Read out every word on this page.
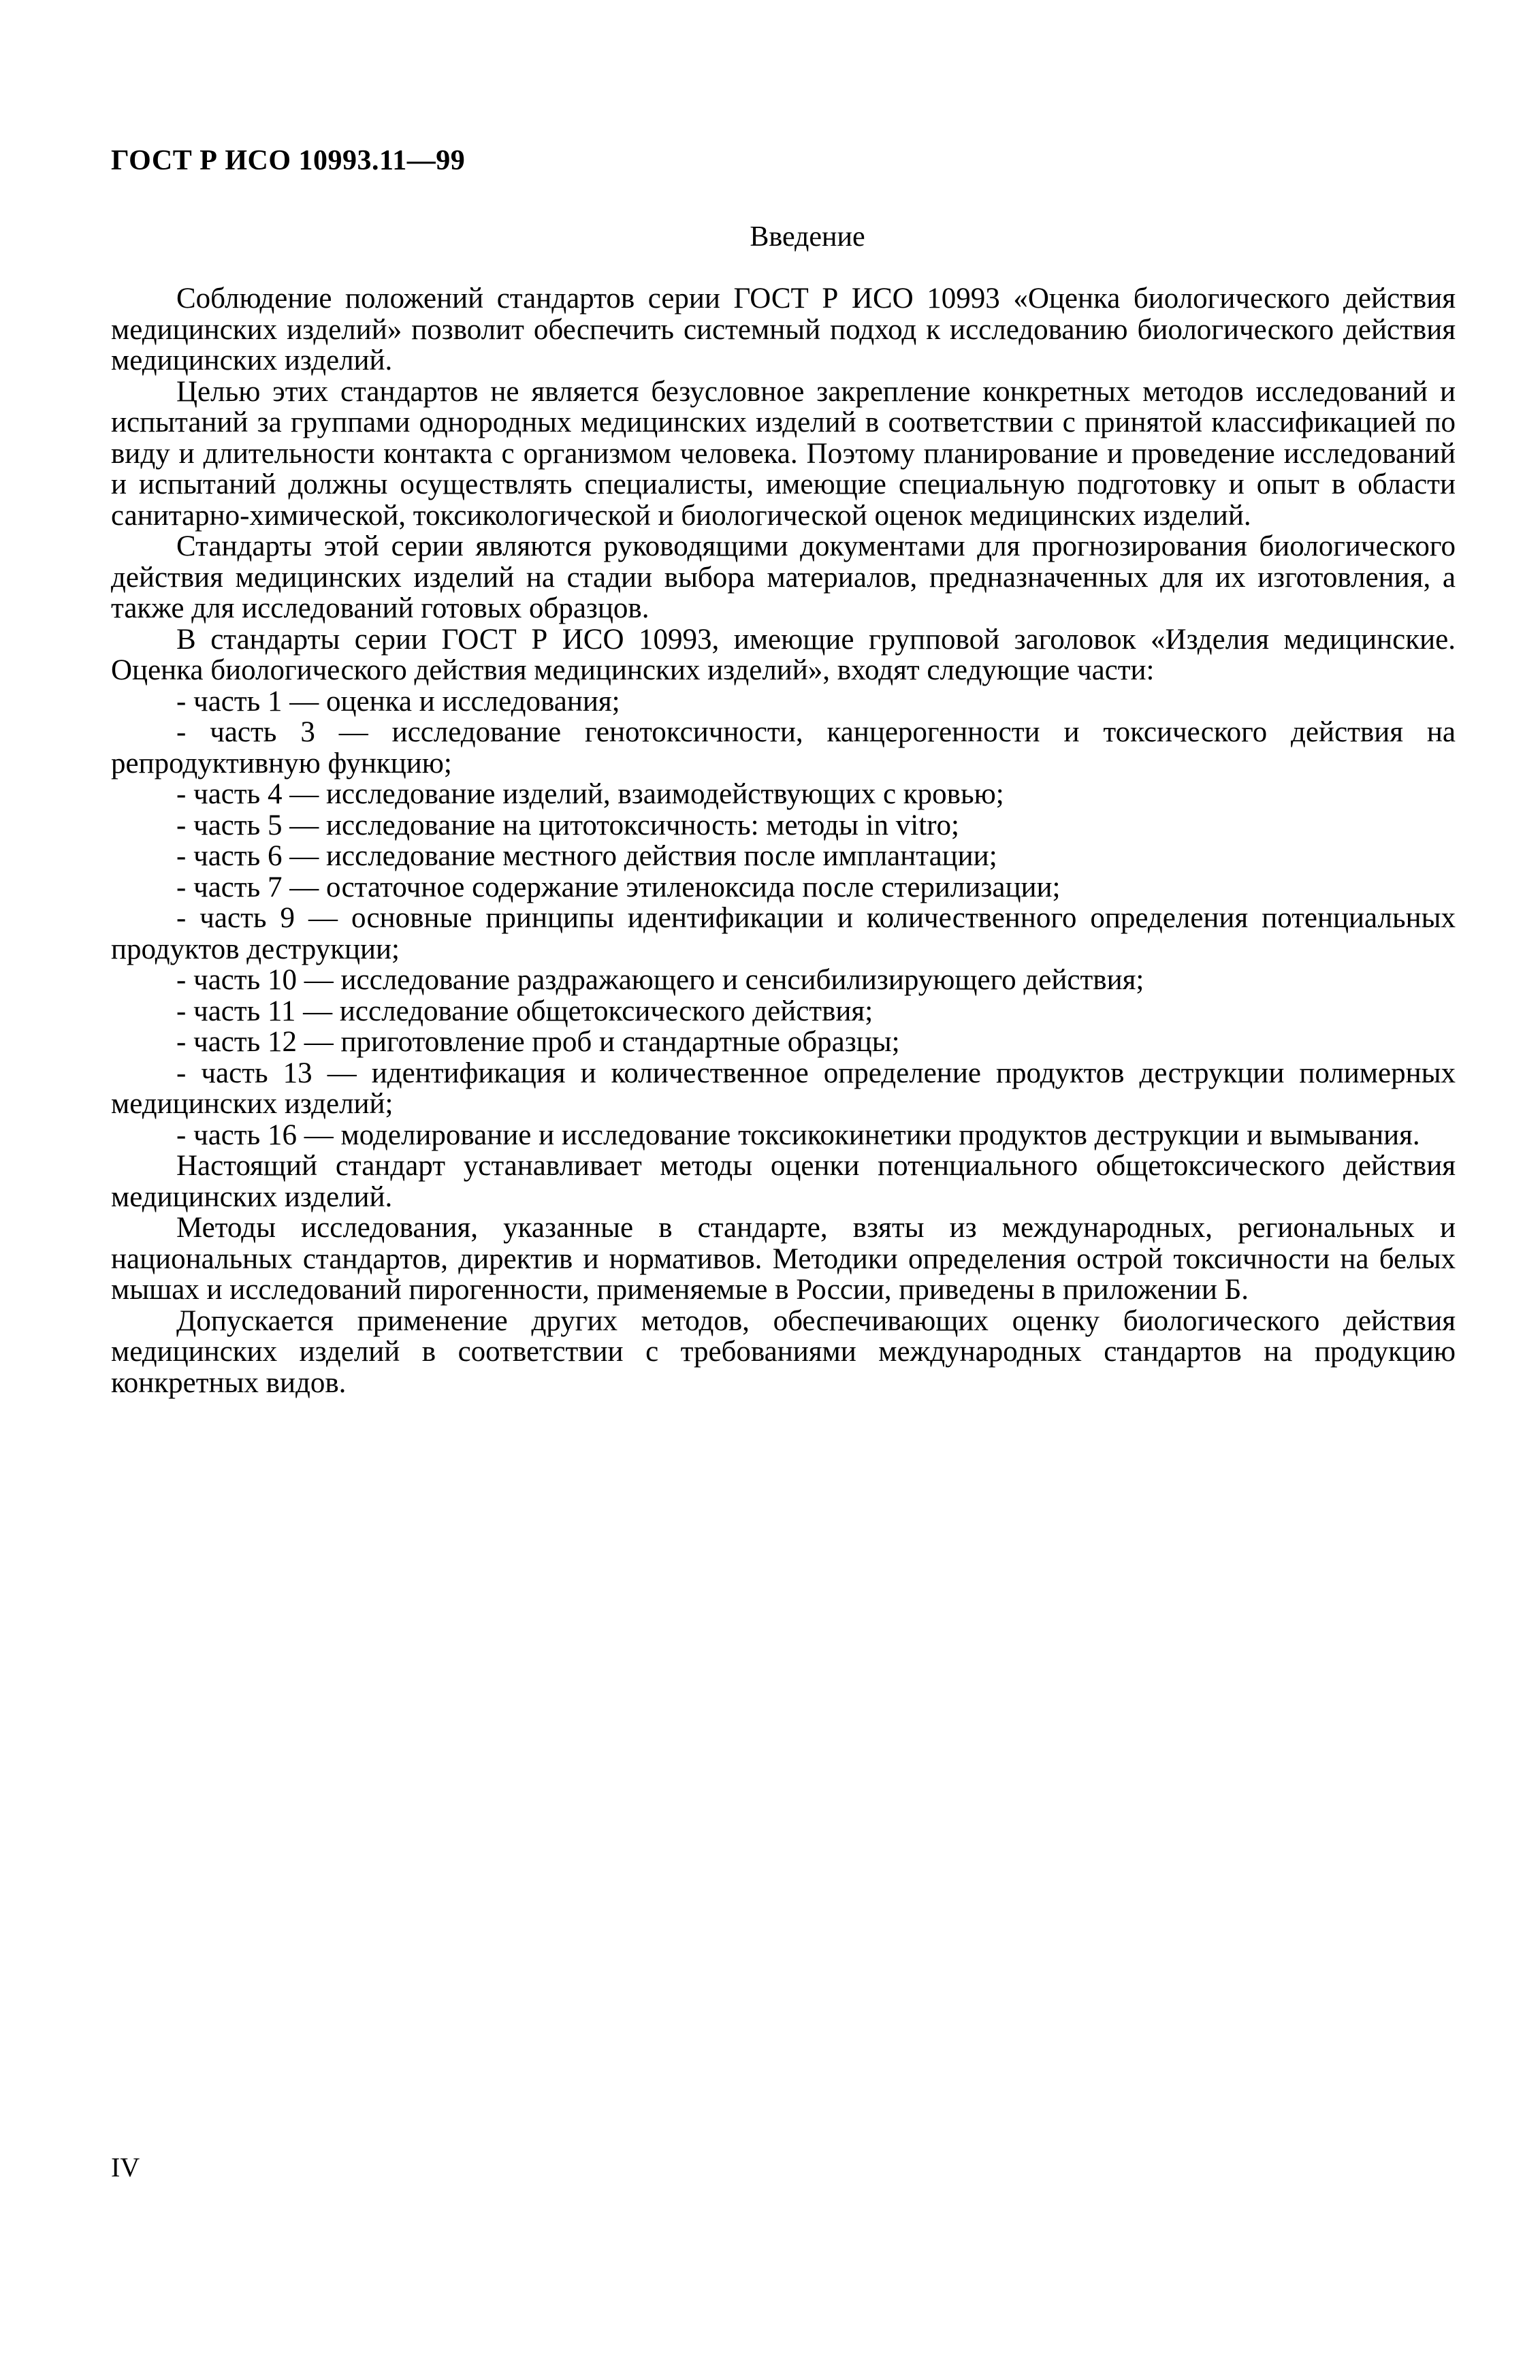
ГОСТ Р ИСО 10993.11—99
Введение

Соблюдение положений стандартов серии ГОСТ Р ИСО 10993 «Оценка биологического действия медицинских изделий» позволит обеспечить системный подход к исследованию биологического действия медицинских изделий.

Целью этих стандартов не является безусловное закрепление конкретных методов исследований и испытаний за группами однородных медицинских изделий в соответствии с принятой классификацией по виду и длительности контакта с организмом человека. Поэтому планирование и проведение исследований и испытаний должны осуществлять специалисты, имеющие специальную подготовку и опыт в области санитарно-химической, токсикологической и биологической оценок медицинских изделий.

Стандарты этой серии являются руководящими документами для прогнозирования биологического действия медицинских изделий на стадии выбора материалов, предназначенных для их изготовления, а также для исследований готовых образцов.

В стандарты серии ГОСТ Р ИСО 10993, имеющие групповой заголовок «Изделия медицинские. Оценка биологического действия медицинских изделий», входят следующие части:

- часть 1 — оценка и исследования;
- часть 3 — исследование генотоксичности, канцерогенности и токсического действия на репродуктивную функцию;
- часть 4 — исследование изделий, взаимодействующих с кровью;
- часть 5 — исследование на цитотоксичность: методы in vitro;
- часть 6 — исследование местного действия после имплантации;
- часть 7 — остаточное содержание этиленоксида после стерилизации;
- часть 9 — основные принципы идентификации и количественного определения потенциальных продуктов деструкции;
- часть 10 — исследование раздражающего и сенсибилизирующего действия;
- часть 11 — исследование общетоксического действия;
- часть 12 — приготовление проб и стандартные образцы;
- часть 13 — идентификация и количественное определение продуктов деструкции полимерных медицинских изделий;
- часть 16 — моделирование и исследование токсикокинетики продуктов деструкции и вымывания.

Настоящий стандарт устанавливает методы оценки потенциального общетоксического действия медицинских изделий.

Методы исследования, указанные в стандарте, взяты из международных, региональных и национальных стандартов, директив и нормативов. Методики определения острой токсичности на белых мышах и исследований пирогенности, применяемые в России, приведены в приложении Б.

Допускается применение других методов, обеспечивающих оценку биологического действия медицинских изделий в соответствии с требованиями международных стандартов на продукцию конкретных видов.

IV
